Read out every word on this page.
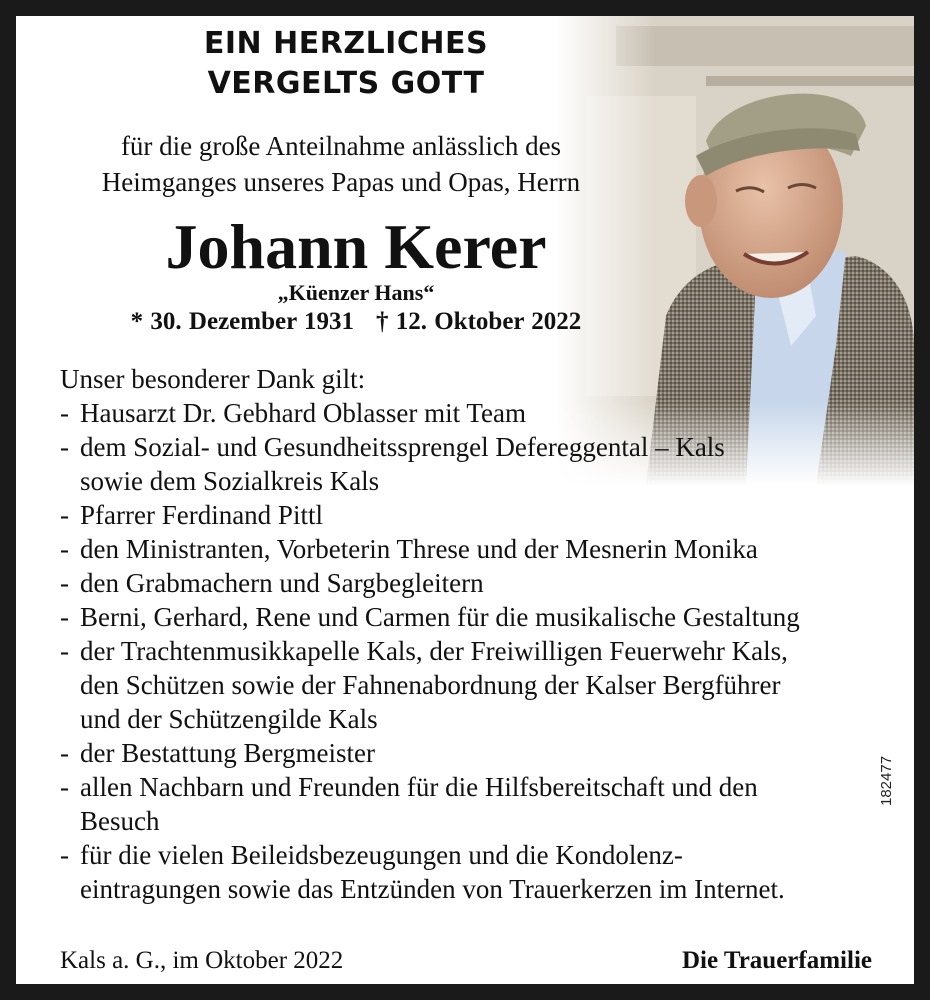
EIN HERZLICHES
VERGELTS GOTT
für die große Anteilnahme anlässlich des
Heimganges unseres Papas und Opas, Herrn
Johann Kerer
„Küenzer Hans“
* 30. Dezember 1931 † 12. Oktober 2022
Unser besonderer Dank gilt:
- Hausarzt Dr. Gebhard Oblasser mit Team
- dem Sozial- und Gesundheitssprengel Defereggental – Kals
sowie dem Sozialkreis Kals
- Pfarrer Ferdinand Pittl
- den Ministranten, Vorbeterin Threse und der Mesnerin Monika
- den Grabmachern und Sargbegleitern
- Berni, Gerhard, Rene und Carmen für die musikalische Gestaltung
- der Trachtenmusikkapelle Kals, der Freiwilligen Feuerwehr Kals,
den Schützen sowie der Fahnenabordnung der Kalser Bergführer
und der Schützengilde Kals
- der Bestattung Bergmeister
- allen Nachbarn und Freunden für die Hilfsbereitschaft und den
Besuch
- für die vielen Beileidsbezeugungen und die Kondolenz-
eintragungen sowie das Entzünden von Trauerkerzen im Internet.
Kals a. G., im Oktober 2022	Die Trauerfamilie
182477
